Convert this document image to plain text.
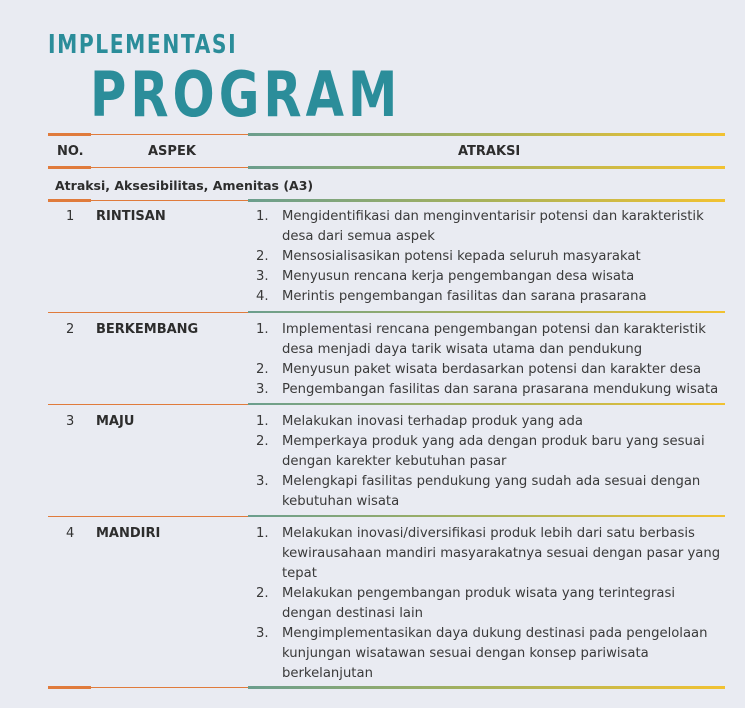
IMPLEMENTASI
PROGRAM
NO.	ASPEK	ATRAKSI
Atraksi, Aksesibilitas, Amenitas (A3)
1 RINTISAN	1. Mengidentifikasi dan menginventarisir potensi dan karakteristik desa dari semua aspek
2. Mensosialisasikan potensi kepada seluruh masyarakat
3. Menyusun rencana kerja pengembangan desa wisata
4. Merintis pengembangan fasilitas dan sarana prasarana
2 BERKEMBANG	1. Implementasi rencana pengembangan potensi dan karakteristik desa menjadi daya tarik wisata utama dan pendukung
2. Menyusun paket wisata berdasarkan potensi dan karakter desa
3. Pengembangan fasilitas dan sarana prasarana mendukung wisata
3 MAJU	1. Melakukan inovasi terhadap produk yang ada
2. Memperkaya produk yang ada dengan produk baru yang sesuai dengan karekter kebutuhan pasar
3. Melengkapi fasilitas pendukung yang sudah ada sesuai dengan kebutuhan wisata
4 MANDIRI	1. Melakukan inovasi/diversifikasi produk lebih dari satu berbasis kewirausahaan mandiri masyarakatnya sesuai dengan pasar yang tepat
2. Melakukan pengembangan produk wisata yang terintegrasi dengan destinasi lain
3. Mengimplementasikan daya dukung destinasi pada pengelolaan kunjungan wisatawan sesuai dengan konsep pariwisata berkelanjutan
